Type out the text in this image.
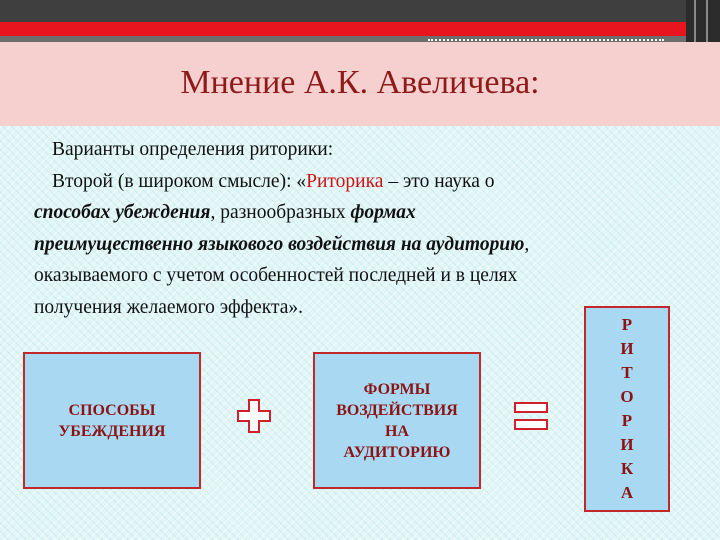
Мнение А.К. Авеличева:
Варианты определения риторики:
Второй (в широком смысле): «Риторика – это наука о
способах убеждения, разнообразных формах
преимущественно языкового воздействия на аудиторию,
оказываемого с учетом особенностей последней и в целях
получения желаемого эффекта».
СПОСОБЫ
УБЕЖДЕНИЯ
ФОРМЫ
ВОЗДЕЙСТВИЯ
НА
АУДИТОРИЮ
Р
И
Т
О
Р
И
К
А
